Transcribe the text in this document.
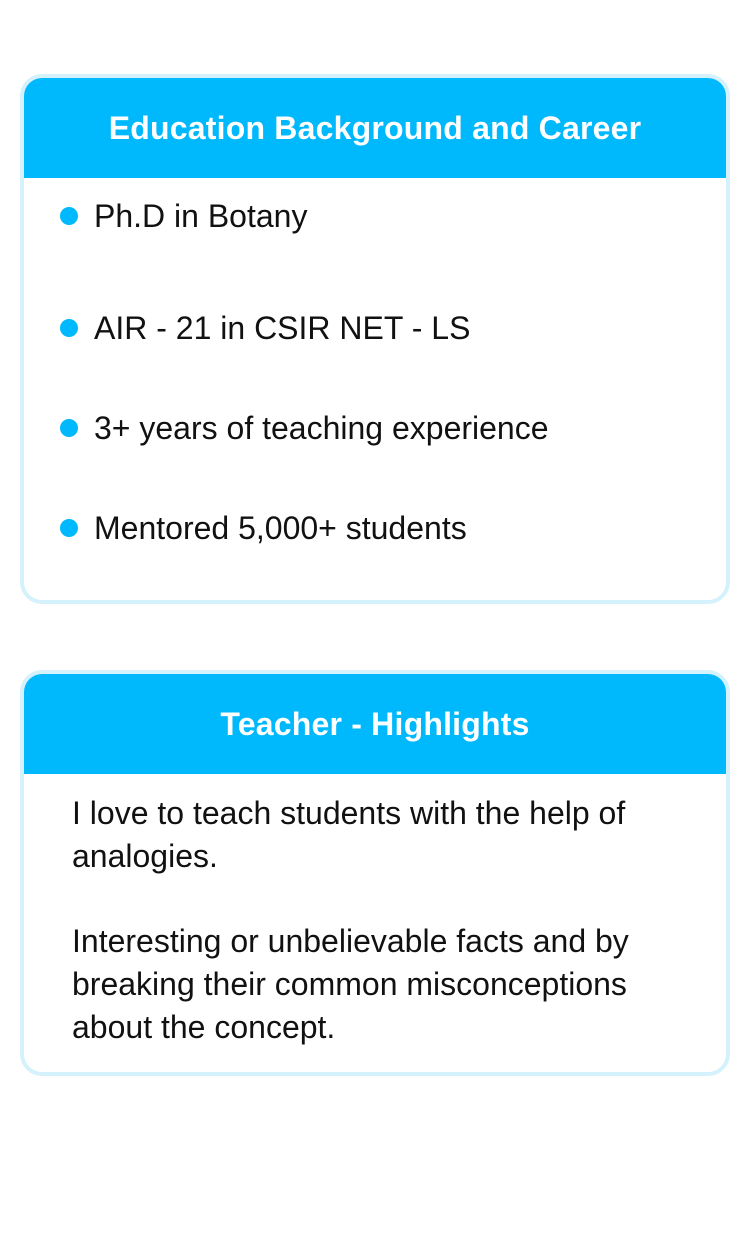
Education Background and Career
Ph.D in Botany
AIR - 21 in CSIR NET - LS
3+ years of teaching experience
Mentored 5,000+ students
Teacher - Highlights

I love to teach students with the help of analogies.

Interesting or unbelievable facts and by breaking their common misconceptions about the concept.
